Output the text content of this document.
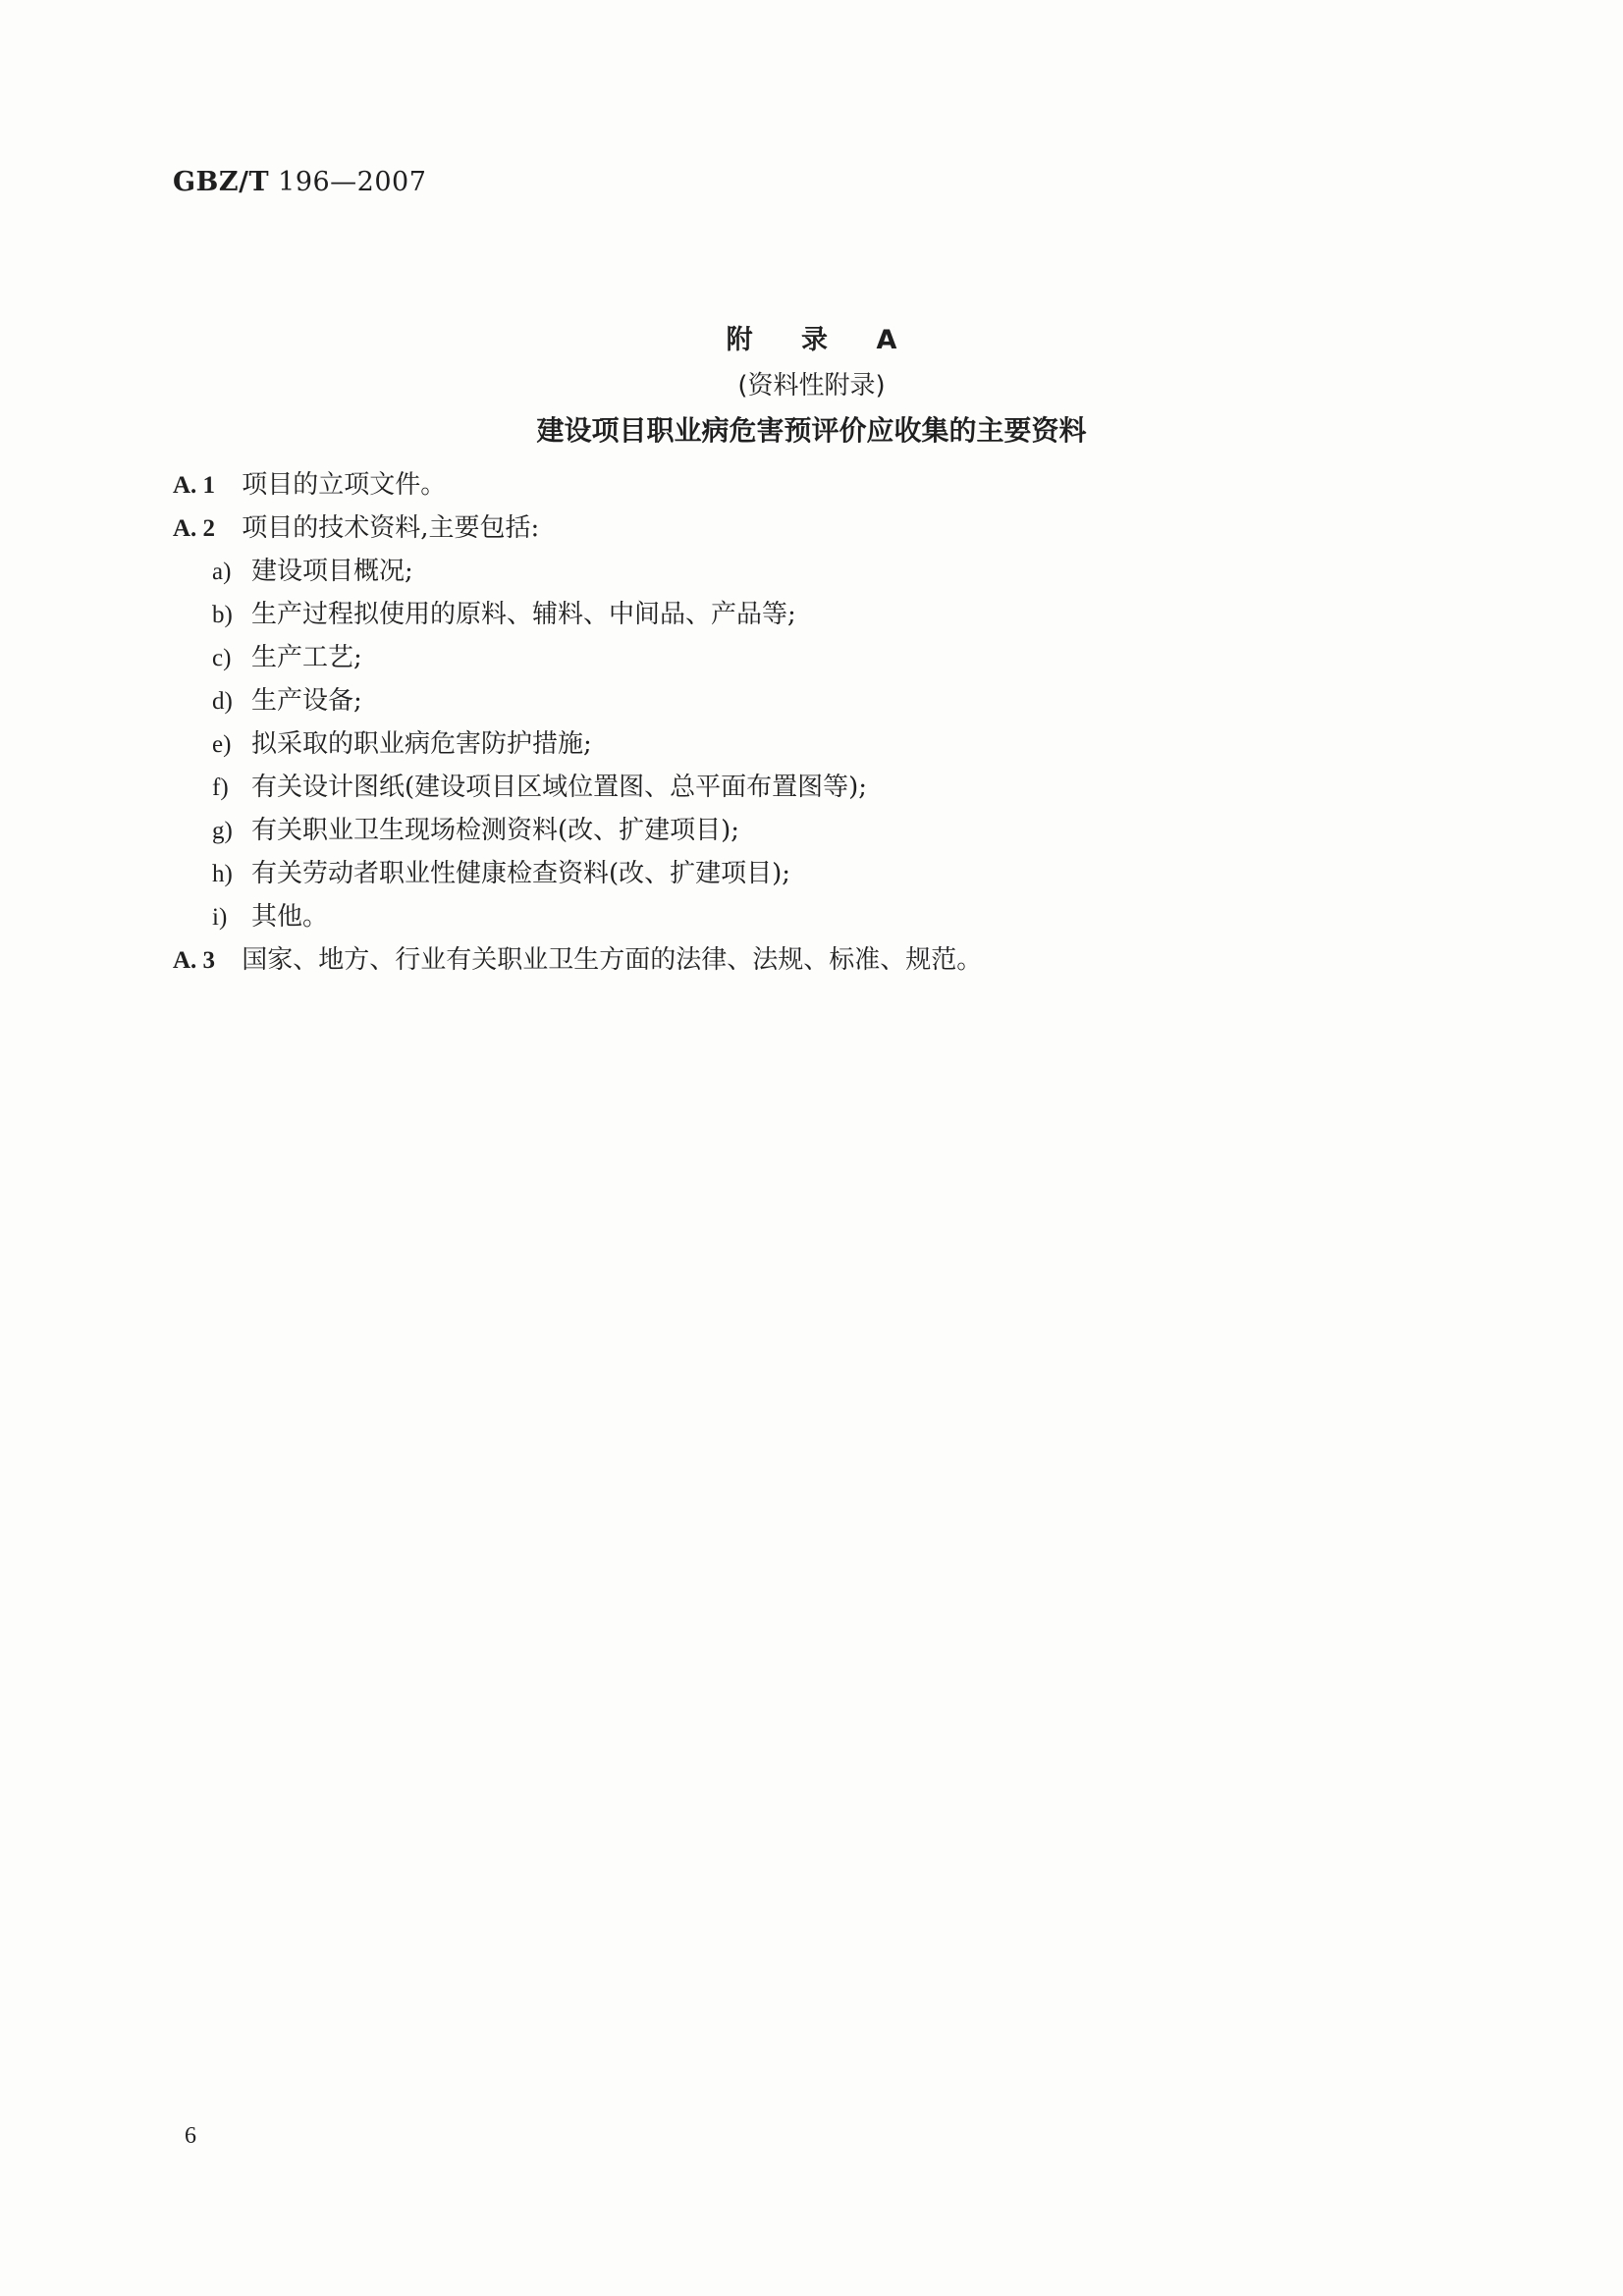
GBZ/T 196—2007
附 录 A
(资料性附录)
建设项目职业病危害预评价应收集的主要资料
A. 1 项目的立项文件。
A. 2 项目的技术资料,主要包括:
a) 建设项目概况;
b) 生产过程拟使用的原料、辅料、中间品、产品等;
c) 生产工艺;
d) 生产设备;
e) 拟采取的职业病危害防护措施;
f) 有关设计图纸(建设项目区域位置图、总平面布置图等);
g) 有关职业卫生现场检测资料(改、扩建项目);
h) 有关劳动者职业性健康检查资料(改、扩建项目);
i) 其他。
A. 3 国家、地方、行业有关职业卫生方面的法律、法规、标准、规范。
6
